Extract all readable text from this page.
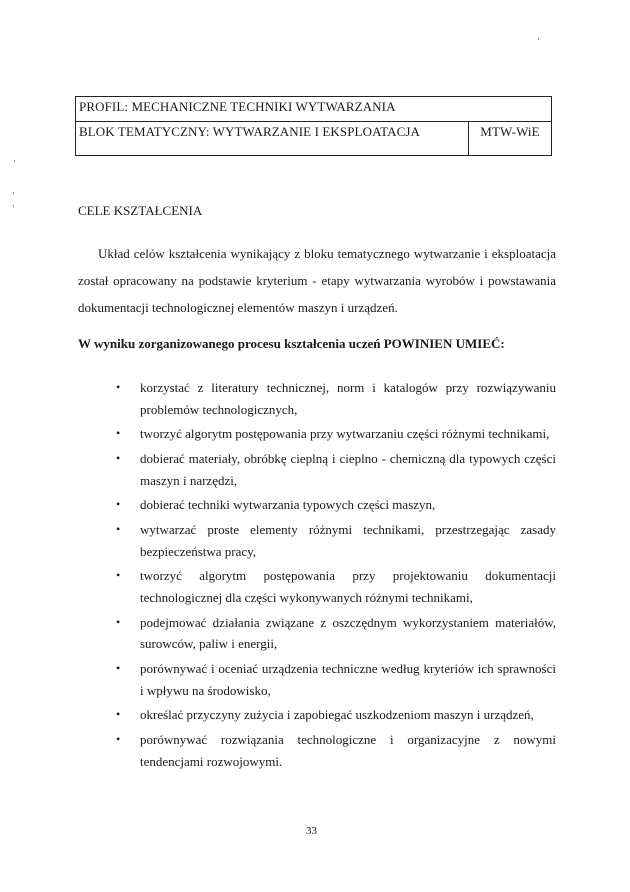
PROFIL: MECHANICZNE TECHNIKI WYTWARZANIA
BLOK TEMATYCZNY: WYTWARZANIE I EKSPLOATACJA	MTW-WiE
CELE KSZTAŁCENIA

Układ celów kształcenia wynikający z bloku tematycznego wytwarzanie i eksploatacja został opracowany na podstawie kryterium - etapy wytwarzania wyrobów i powstawania dokumentacji technologicznej elementów maszyn i urządzeń.

W wyniku zorganizowanego procesu kształcenia uczeń POWINIEN UMIEĆ:
• korzystać z literatury technicznej, norm i katalogów przy rozwiązywaniu problemów technologicznych,
• tworzyć algorytm postępowania przy wytwarzaniu części różnymi technikami,
• dobierać materiały, obróbkę cieplną i cieplno - chemiczną dla typowych części maszyn i narzędzi,
• dobierać techniki wytwarzania typowych części maszyn,
• wytwarzać proste elementy różnymi technikami, przestrzegając zasady bezpieczeństwa pracy,
• tworzyć algorytm postępowania przy projektowaniu dokumentacji technologicznej dla części wykonywanych różnymi technikami,
• podejmować działania związane z oszczędnym wykorzystaniem materiałów, surowców, paliw i energii,
• porównywać i oceniać urządzenia techniczne według kryteriów ich sprawności i wpływu na środowisko,
• określać przyczyny zużycia i zapobiegać uszkodzeniom maszyn i urządzeń,
• porównywać rozwiązania technologiczne i organizacyjne z nowymi tendencjami rozwojowymi.
33
